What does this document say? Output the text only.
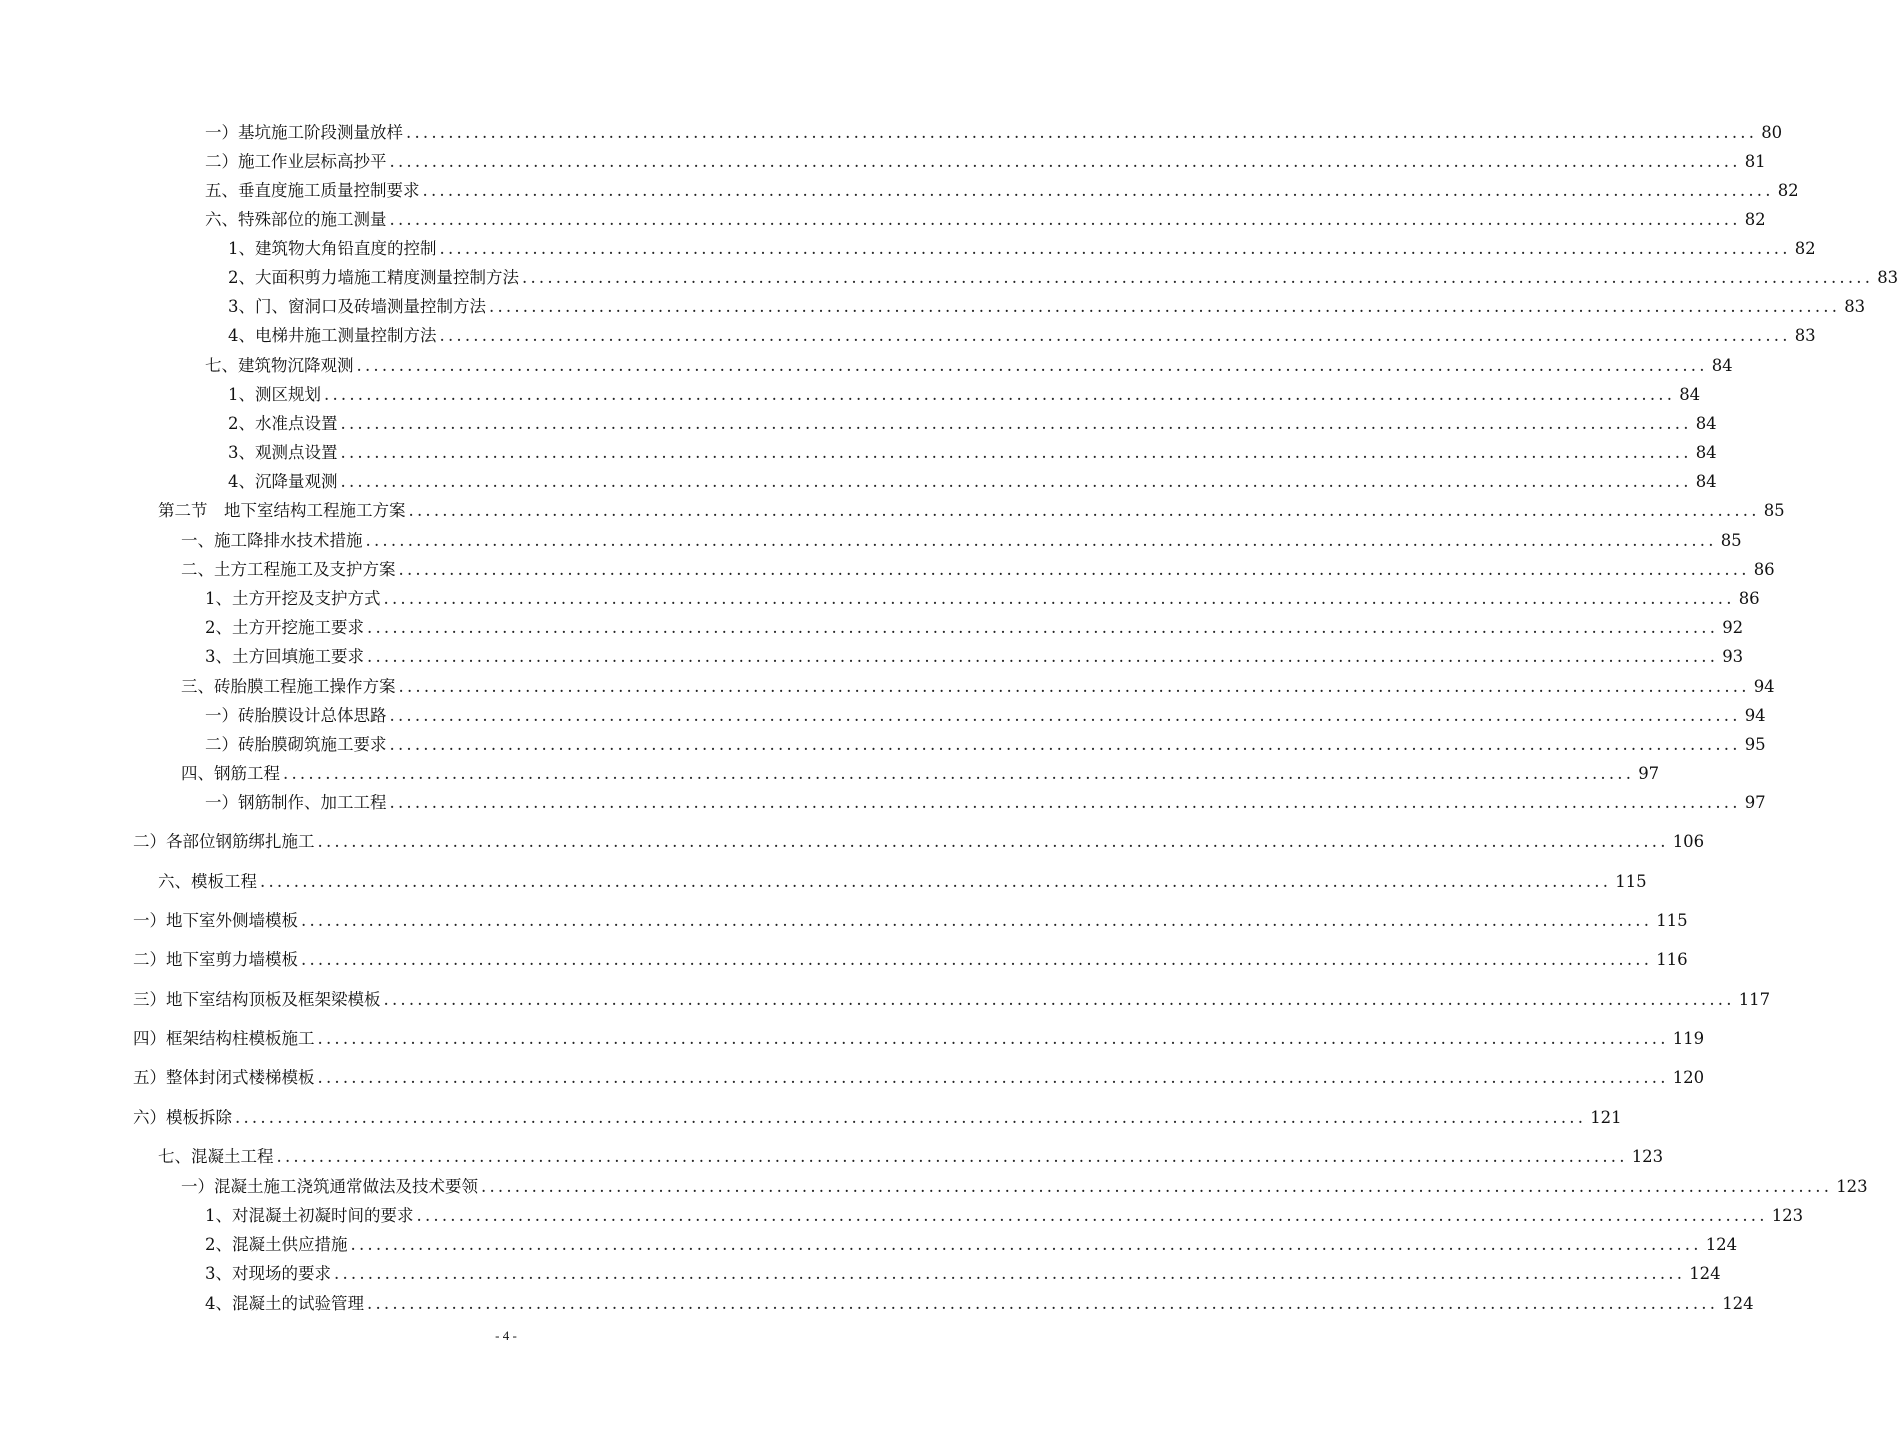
一）基坑施工阶段测量放样 ................................................................................................................................................................ 80
二）施工作业层标高抄平 ................................................................................................................................................................ 81
五、垂直度施工质量控制要求 ................................................................................................................................................................ 82
六、特殊部位的施工测量 ................................................................................................................................................................ 82
1、建筑物大角铅直度的控制 ................................................................................................................................................................ 82
2、大面积剪力墙施工精度测量控制方法 ................................................................................................................................................................ 83
3、门、窗洞口及砖墙测量控制方法 ................................................................................................................................................................ 83
4、电梯井施工测量控制方法 ................................................................................................................................................................ 83
七、建筑物沉降观测 ................................................................................................................................................................ 84
1、测区规划 ................................................................................................................................................................ 84
2、水准点设置 ................................................................................................................................................................ 84
3、观测点设置 ................................................................................................................................................................ 84
4、沉降量观测 ................................................................................................................................................................ 84
第二节　地下室结构工程施工方案 ................................................................................................................................................................ 85
一、施工降排水技术措施 ................................................................................................................................................................ 85
二、土方工程施工及支护方案 ................................................................................................................................................................ 86
1、土方开挖及支护方式 ................................................................................................................................................................ 86
2、土方开挖施工要求 ................................................................................................................................................................ 92
3、土方回填施工要求 ................................................................................................................................................................ 93
三、砖胎膜工程施工操作方案 ................................................................................................................................................................ 94
一）砖胎膜设计总体思路 ................................................................................................................................................................ 94
二）砖胎膜砌筑施工要求 ................................................................................................................................................................ 95
四、钢筋工程 ................................................................................................................................................................ 97
一）钢筋制作、加工工程 ................................................................................................................................................................ 97
二）各部位钢筋绑扎施工 ................................................................................................................................................................ 106
六、模板工程 ................................................................................................................................................................ 115
一）地下室外侧墙模板 ................................................................................................................................................................ 115
二）地下室剪力墙模板 ................................................................................................................................................................ 116
三）地下室结构顶板及框架梁模板 ................................................................................................................................................................ 117
四）框架结构柱模板施工 ................................................................................................................................................................ 119
五）整体封闭式楼梯模板 ................................................................................................................................................................ 120
六）模板拆除 ................................................................................................................................................................ 121
七、混凝土工程 ................................................................................................................................................................ 123
一）混凝土施工浇筑通常做法及技术要领 ................................................................................................................................................................ 123
1、对混凝土初凝时间的要求 ................................................................................................................................................................ 123
2、混凝土供应措施 ................................................................................................................................................................ 124
3、对现场的要求 ................................................................................................................................................................ 124
4、混凝土的试验管理 ................................................................................................................................................................ 124
- 4 -
